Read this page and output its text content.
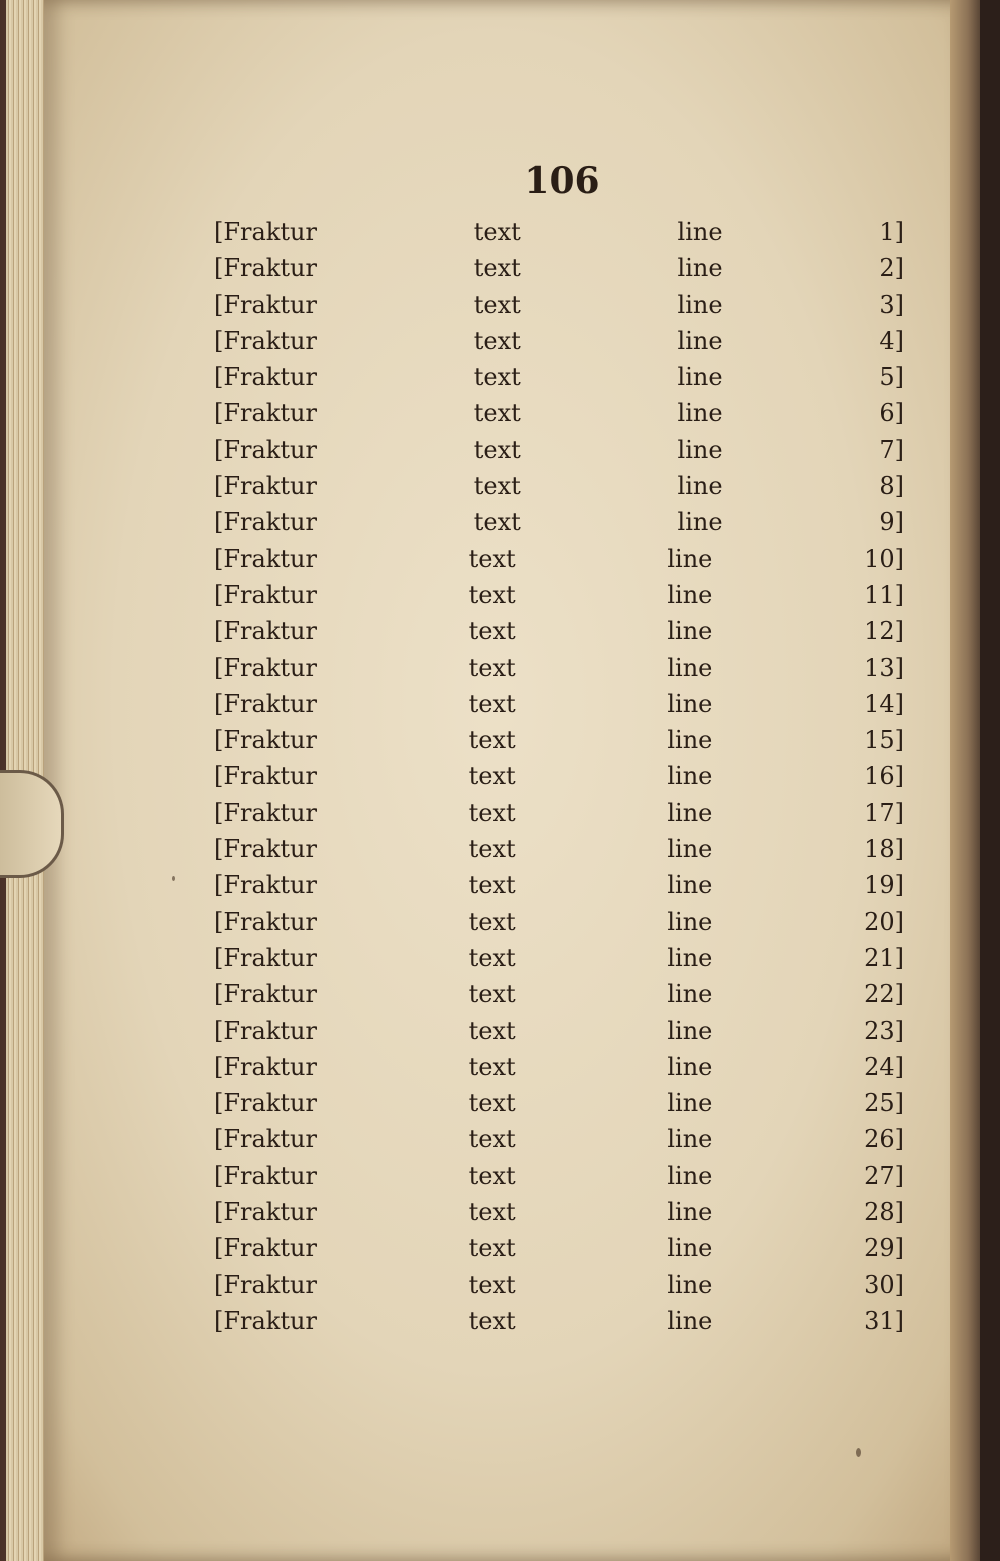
106
[Fraktur text line 1]
[Fraktur text line 2]
[Fraktur text line 3]
[Fraktur text line 4]
[Fraktur text line 5]
[Fraktur text line 6]
[Fraktur text line 7]
[Fraktur text line 8]
[Fraktur text line 9]
[Fraktur text line 10]
[Fraktur text line 11]
[Fraktur text line 12]
[Fraktur text line 13]
[Fraktur text line 14]
[Fraktur text line 15]
[Fraktur text line 16]
[Fraktur text line 17]
[Fraktur text line 18]
[Fraktur text line 19]
[Fraktur text line 20]
[Fraktur text line 21]
[Fraktur text line 22]
[Fraktur text line 23]
[Fraktur text line 24]
[Fraktur text line 25]
[Fraktur text line 26]
[Fraktur text line 27]
[Fraktur text line 28]
[Fraktur text line 29]
[Fraktur text line 30]
[Fraktur text line 31]
